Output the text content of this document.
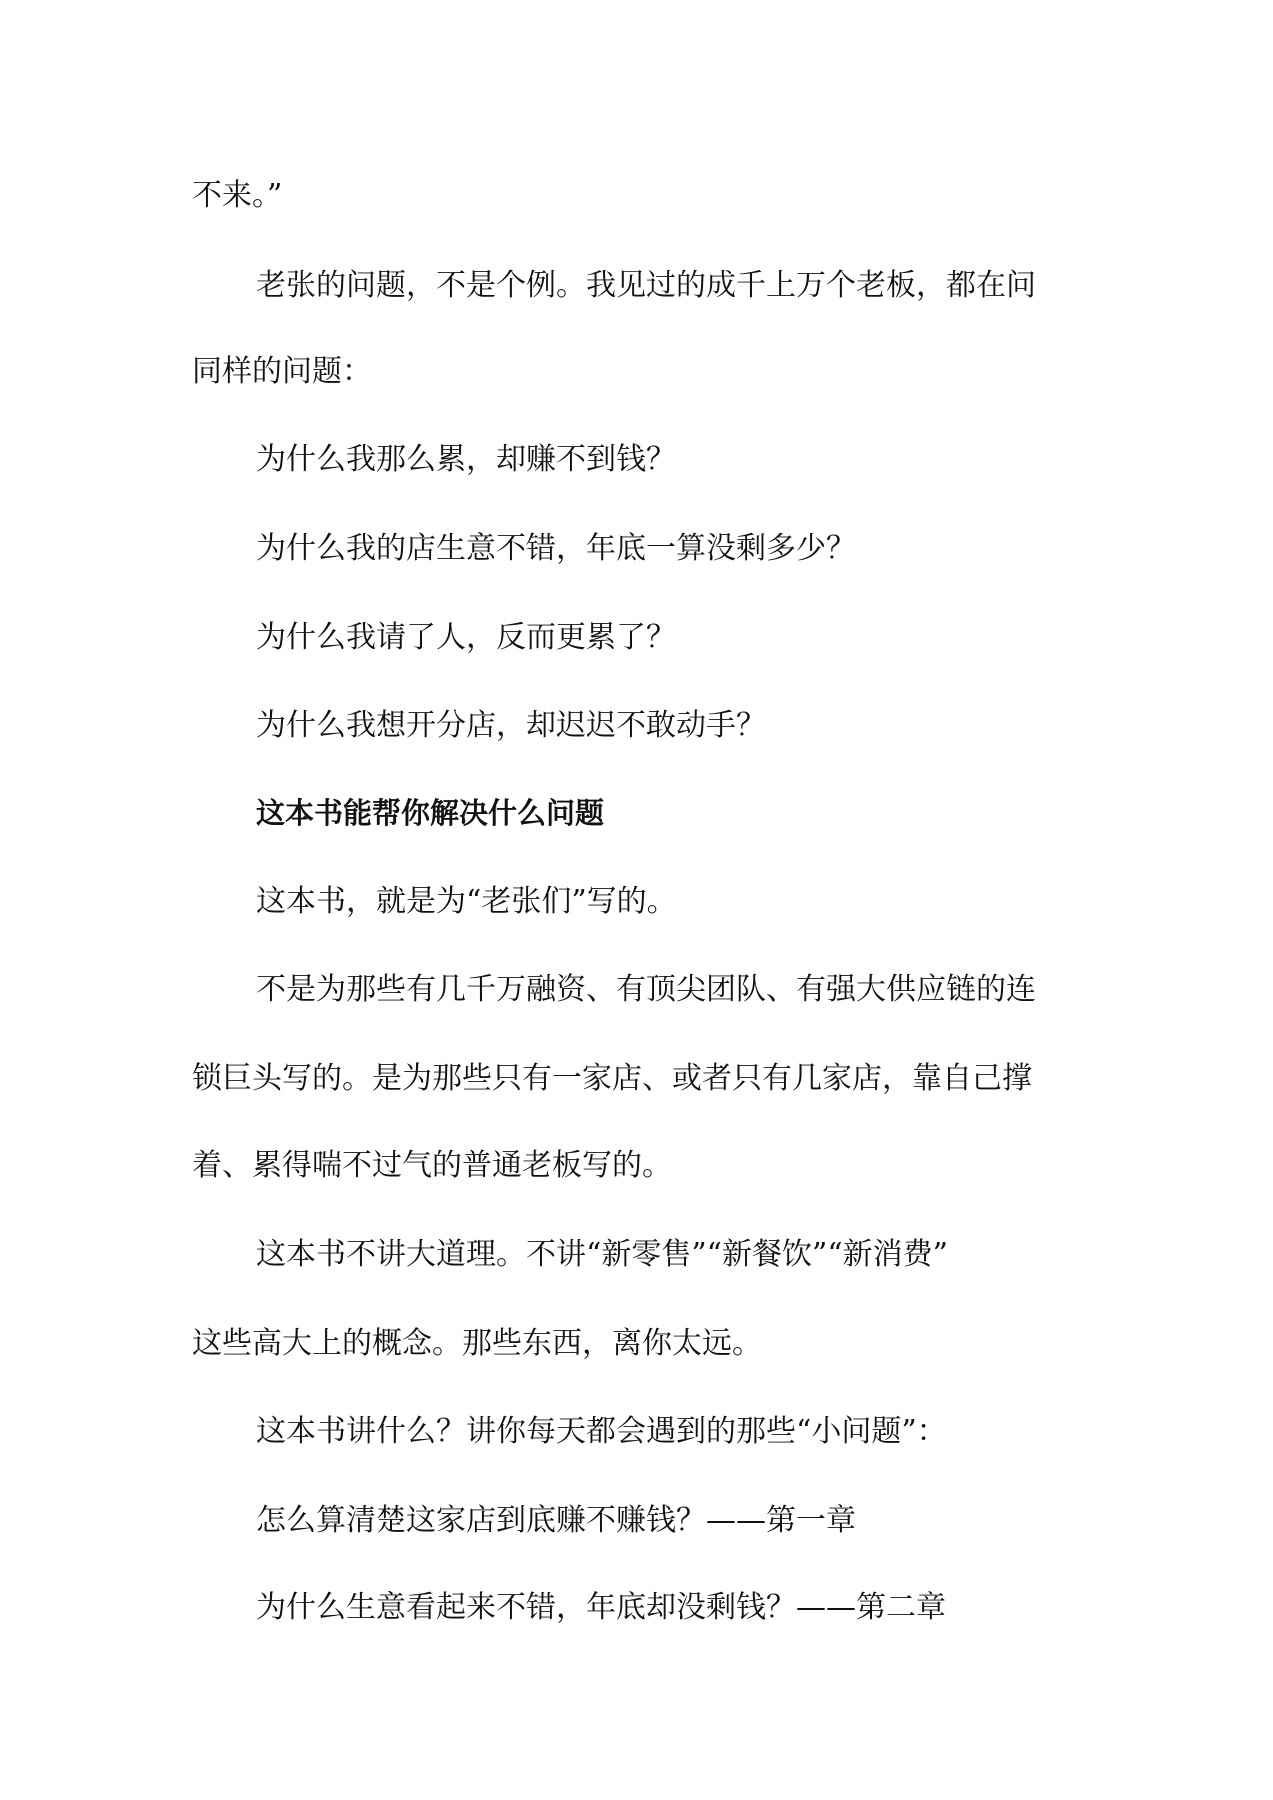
不来。”

老张的问题，不是个例。我见过的成千上万个老板，都在问

同样的问题：

为什么我那么累，却赚不到钱？

为什么我的店生意不错，年底一算没剩多少？

为什么我请了人，反而更累了？

为什么我想开分店，却迟迟不敢动手？

这本书能帮你解决什么问题

这本书，就是为“老张们”写的。

不是为那些有几千万融资、有顶尖团队、有强大供应链的连

锁巨头写的。是为那些只有一家店、或者只有几家店，靠自己撑

着、累得喘不过气的普通老板写的。

这本书不讲大道理。不讲“新零售”“新餐饮”“新消费”

这些高大上的概念。那些东西，离你太远。

这本书讲什么？讲你每天都会遇到的那些“小问题”：

怎么算清楚这家店到底赚不赚钱？——第一章

为什么生意看起来不错，年底却没剩钱？——第二章
